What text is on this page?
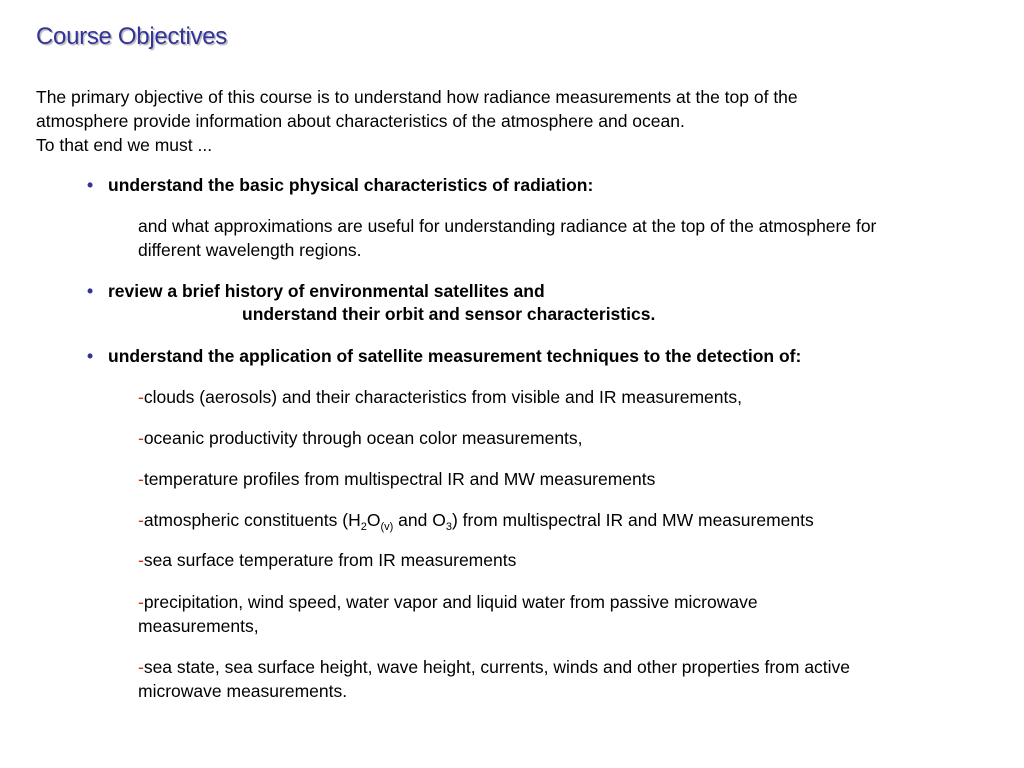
Course Objectives
The primary objective of this course is to understand how radiance measurements at the top of the
atmosphere provide information about characteristics of the atmosphere and ocean.
To that end we must ...
• understand the basic physical characteristics of radiation:
and what approximations are useful for understanding radiance at the top of the atmosphere for
different wavelength regions.
• review a brief history of environmental satellites and
understand their orbit and sensor characteristics.
• understand the application of satellite measurement techniques to the detection of:
-clouds (aerosols) and their characteristics from visible and IR measurements,
-oceanic productivity through ocean color measurements,
-temperature profiles from multispectral IR and MW measurements
-atmospheric constituents ($H_2O_{(v)}$ and $O_3$) from multispectral IR and MW measurements
-sea surface temperature from IR measurements
-precipitation, wind speed, water vapor and liquid water from passive microwave
measurements,
-sea state, sea surface height, wave height, currents, winds and other properties from active
microwave measurements.
